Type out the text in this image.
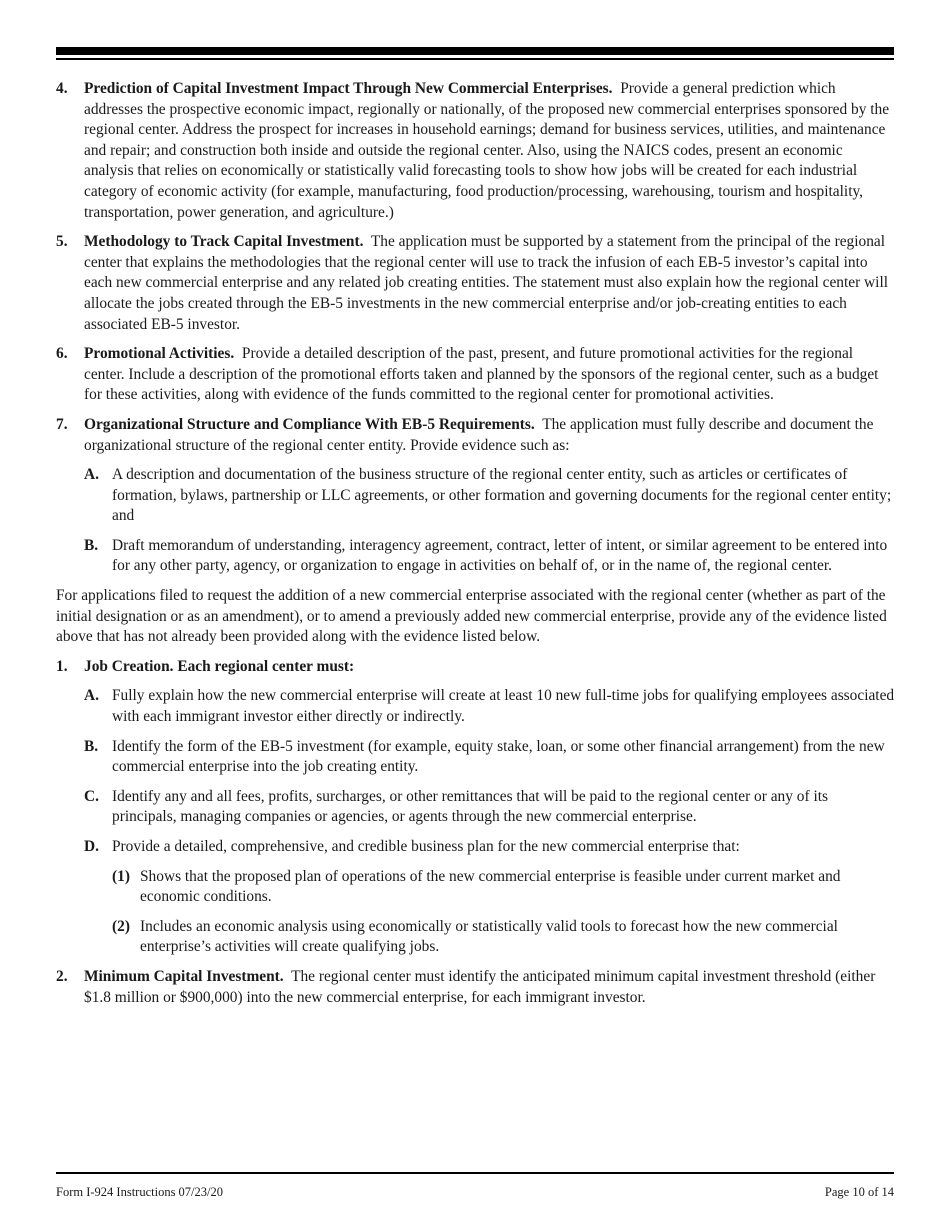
4.	Prediction of Capital Investment Impact Through New Commercial Enterprises. Provide a general prediction which addresses the prospective economic impact, regionally or nationally, of the proposed new commercial enterprises sponsored by the regional center. Address the prospect for increases in household earnings; demand for business services, utilities, and maintenance and repair; and construction both inside and outside the regional center. Also, using the NAICS codes, present an economic analysis that relies on economically or statistically valid forecasting tools to show how jobs will be created for each industrial category of economic activity (for example, manufacturing, food production/processing, warehousing, tourism and hospitality, transportation, power generation, and agriculture.)
5.	Methodology to Track Capital Investment. The application must be supported by a statement from the principal of the regional center that explains the methodologies that the regional center will use to track the infusion of each EB-5 investor’s capital into each new commercial enterprise and any related job creating entities. The statement must also explain how the regional center will allocate the jobs created through the EB-5 investments in the new commercial enterprise and/or job-creating entities to each associated EB-5 investor.
6.	Promotional Activities. Provide a detailed description of the past, present, and future promotional activities for the regional center. Include a description of the promotional efforts taken and planned by the sponsors of the regional center, such as a budget for these activities, along with evidence of the funds committed to the regional center for promotional activities.
7.	Organizational Structure and Compliance With EB-5 Requirements. The application must fully describe and document the organizational structure of the regional center entity. Provide evidence such as:
A. A description and documentation of the business structure of the regional center entity, such as articles or certificates of formation, bylaws, partnership or LLC agreements, or other formation and governing documents for the regional center entity; and
B. Draft memorandum of understanding, interagency agreement, contract, letter of intent, or similar agreement to be entered into for any other party, agency, or organization to engage in activities on behalf of, or in the name of, the regional center.
For applications filed to request the addition of a new commercial enterprise associated with the regional center (whether as part of the initial designation or as an amendment), or to amend a previously added new commercial enterprise, provide any of the evidence listed above that has not already been provided along with the evidence listed below.
1.	Job Creation. Each regional center must:
A. Fully explain how the new commercial enterprise will create at least 10 new full-time jobs for qualifying employees associated with each immigrant investor either directly or indirectly.
B. Identify the form of the EB-5 investment (for example, equity stake, loan, or some other financial arrangement) from the new commercial enterprise into the job creating entity.
C. Identify any and all fees, profits, surcharges, or other remittances that will be paid to the regional center or any of its principals, managing companies or agencies, or agents through the new commercial enterprise.
D. Provide a detailed, comprehensive, and credible business plan for the new commercial enterprise that:
(1) Shows that the proposed plan of operations of the new commercial enterprise is feasible under current market and economic conditions.
(2) Includes an economic analysis using economically or statistically valid tools to forecast how the new commercial enterprise’s activities will create qualifying jobs.
2.	Minimum Capital Investment. The regional center must identify the anticipated minimum capital investment threshold (either $1.8 million or $900,000) into the new commercial enterprise, for each immigrant investor.
Form I-924 Instructions 07/23/20	Page 10 of 14
